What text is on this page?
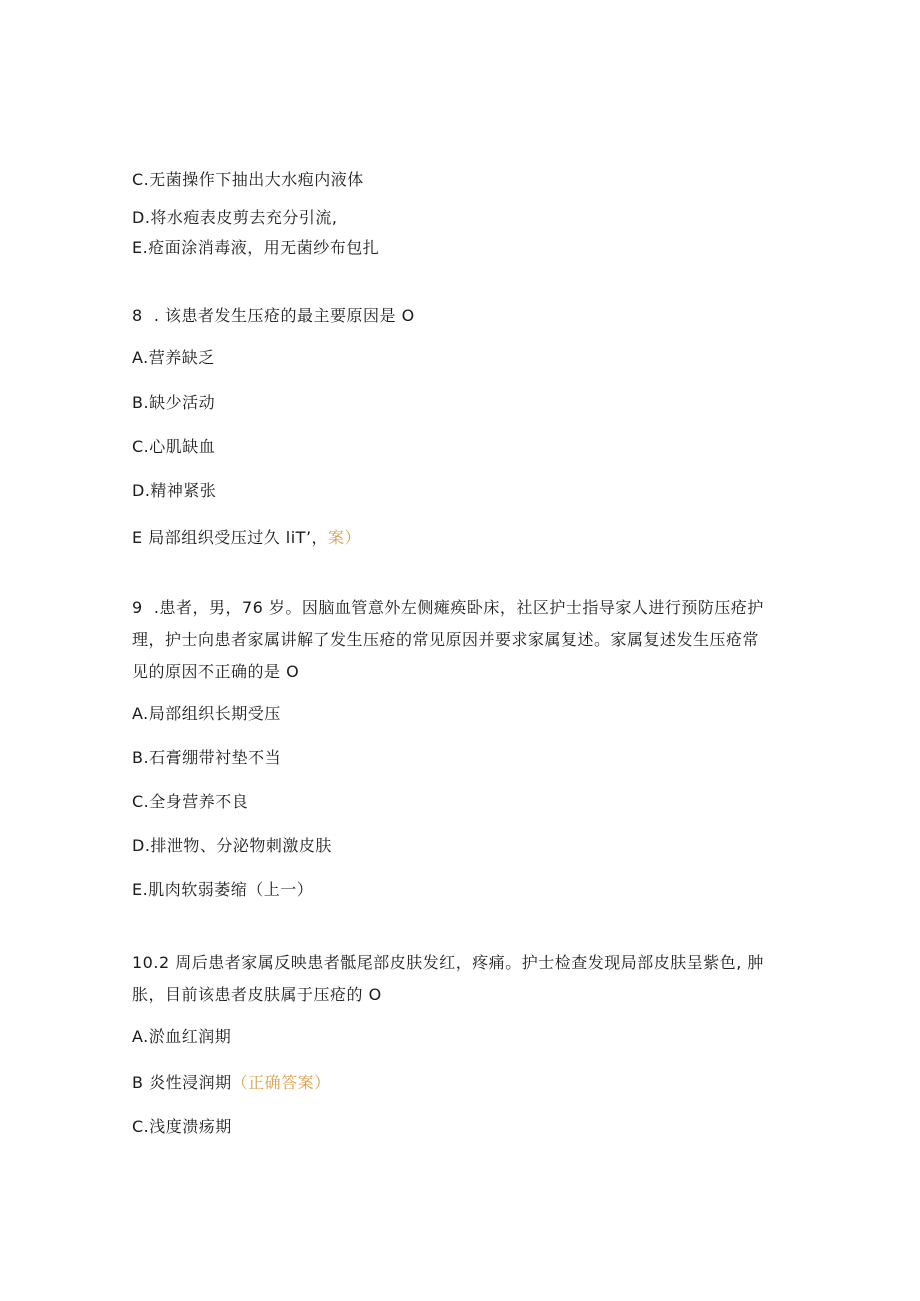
C.无菌操作下抽出大水疱内液体
D.将水疱表皮剪去充分引流,
E.疮面涂消毒液，用无菌纱布包扎
8  . 该患者发生压疮的最主要原因是 O
A.营养缺乏
B.缺少活动
C.心肌缺血
D.精神紧张
E 局部组织受压过久 liT’，案）
9  .患者，男，76 岁。因脑血管意外左侧瘫痪卧床，社区护士指导家人进行预防压疮护
理，护士向患者家属讲解了发生压疮的常见原因并要求家属复述。家属复述发生压疮常
见的原因不正确的是 O
A.局部组织长期受压
B.石膏绷带衬垫不当
C.全身营养不良
D.排泄物、分泌物刺激皮肤
E.肌肉软弱萎缩（上一）
10.2 周后患者家属反映患者骶尾部皮肤发红，疼痛。护士检查发现局部皮肤呈紫色, 肿
胀，目前该患者皮肤属于压疮的 O
A.淤血红润期
B 炎性浸润期（正确答案）
C.浅度溃疡期
